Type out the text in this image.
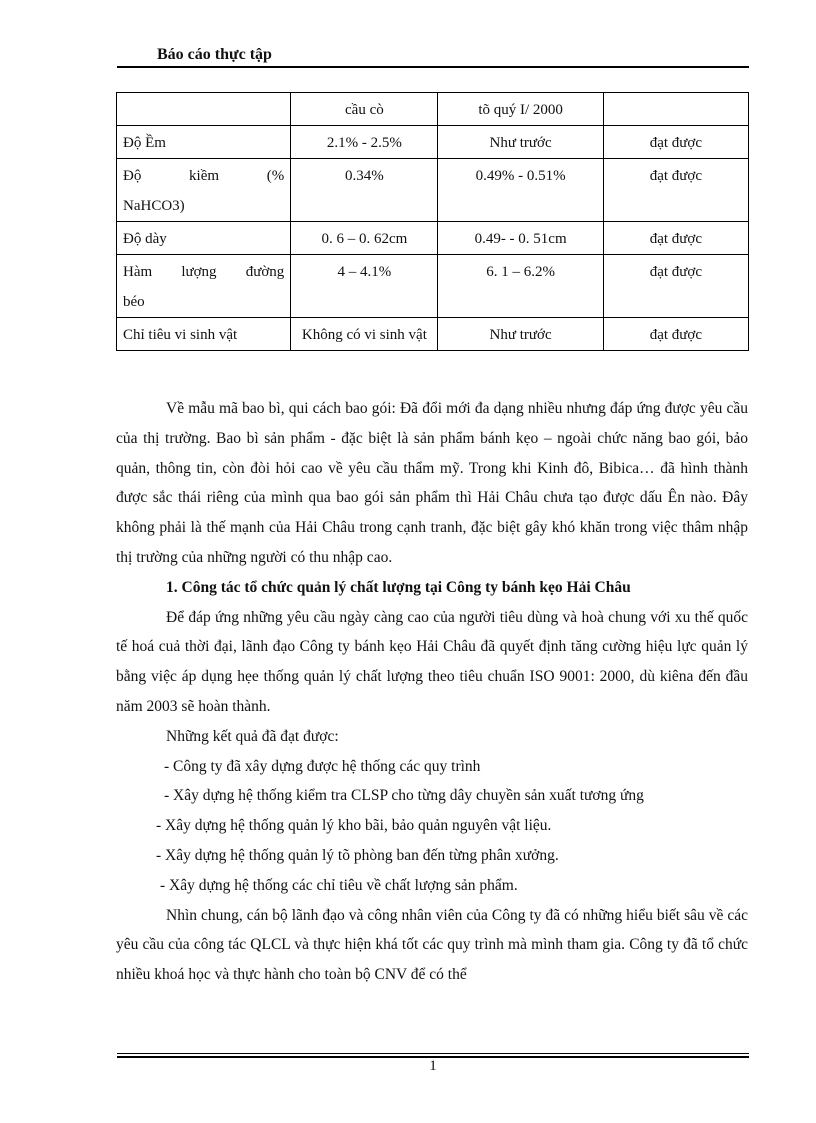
Báo cáo thực tập
	cầu cò	tõ quý I/ 2000	
Độ Ềm	2.1% - 2.5%	Như trước	đạt được

Độ kiềm (%
NaHCO3)	0.34%	0.49% - 0.51%	đạt được
Độ dày	0. 6 – 0. 62cm	0.49- - 0. 51cm	đạt được

Hàm lượng đường
béo	4 – 4.1%	6. 1 – 6.2%	đạt được
Chỉ tiêu vi sinh vật	Không có vi sinh vật	Như trước	đạt được

Về mẫu mã bao bì, qui cách bao gói: Đã đổi mới đa dạng nhiều nhưng đáp ứng được yêu cầu của thị trường. Bao bì sản phẩm - đặc biệt là sản phẩm bánh kẹo – ngoài chức năng bao gói, bảo quản, thông tin, còn đòi hỏi cao về yêu cầu thẩm mỹ. Trong khi Kinh đô, Bibica… đã hình thành được sắc thái riêng của mình qua bao gói sản phẩm thì Hải Châu chưa tạo được dấu Ên nào. Đây không phải là thế mạnh của Hải Châu trong cạnh tranh, đặc biệt gây khó khăn trong việc thâm nhập thị trường của những người có thu nhập cao.

1. Công tác tổ chức quản lý chất lượng tại Công ty bánh kẹo Hải Châu

Để đáp ứng những yêu cầu ngày càng cao của người tiêu dùng và hoà chung với xu thế quốc tế hoá cuả thời đại, lãnh đạo Công ty bánh kẹo Hải Châu đã quyết định tăng cường hiệu lực quản lý bằng việc áp dụng hẹe thống quản lý chất lượng theo tiêu chuẩn ISO 9001: 2000, dù kiêna đến đầu năm 2003 sẽ hoàn thành.

Những kết quả đã đạt được:

- Công ty đã xây dựng được hệ thống các quy trình

- Xây dựng hệ thống kiểm tra CLSP cho từng dây chuyền sản xuất tương ứng

- Xây dựng hệ thống quản lý kho bãi, bảo quản nguyên vật liệu.

- Xây dựng hệ thống quản lý tõ phòng ban đến từng phân xưởng.

- Xây dựng hệ thống các chỉ tiêu về chất lượng sản phẩm.

Nhìn chung, cán bộ lãnh đạo và công nhân viên của Công ty đã có những hiểu biết sâu về các yêu cầu của công tác QLCL và thực hiện khá tốt các quy trình mà mình tham gia. Công ty đã tổ chức nhiều khoá học và thực hành cho toàn bộ CNV để có thể

1
